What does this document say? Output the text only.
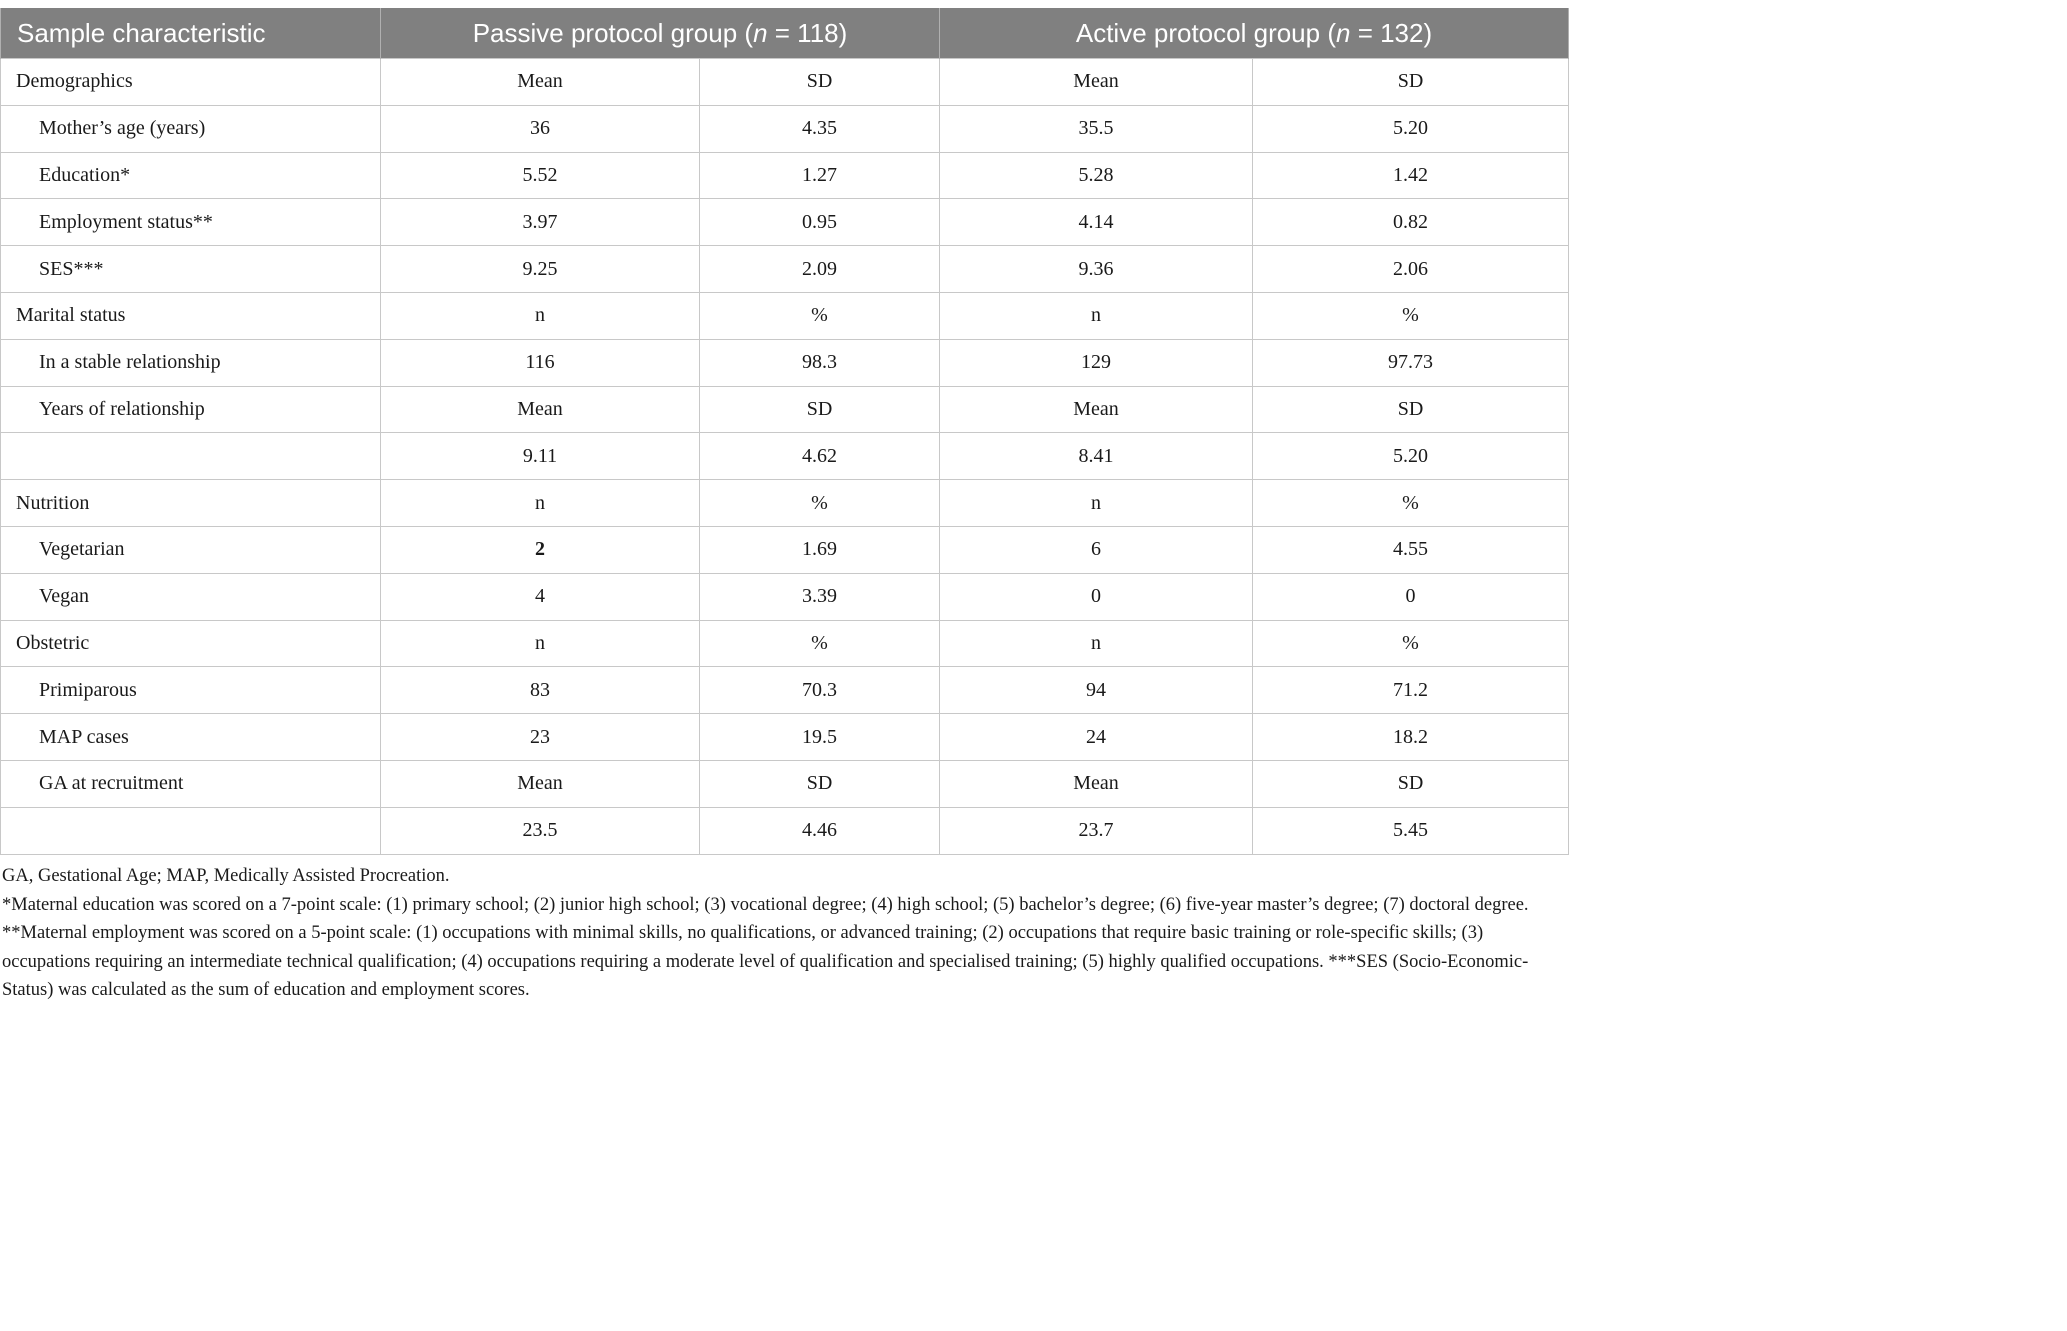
Sample characteristic	Passive protocol group (n = 118)		Active protocol group (n = 132)	
Demographics	Mean	SD	Mean	SD
Mother’s age (years)	36	4.35	35.5	5.20
Education*	5.52	1.27	5.28	1.42
Employment status**	3.97	0.95	4.14	0.82
SES***	9.25	2.09	9.36	2.06
Marital status	n	%	n	%
In a stable relationship	116	98.3	129	97.73
Years of relationship	Mean	SD	Mean	SD
	9.11	4.62	8.41	5.20
Nutrition	n	%	n	%
Vegetarian	2	1.69	6	4.55
Vegan	4	3.39	0	0
Obstetric	n	%	n	%
Primiparous	83	70.3	94	71.2
MAP cases	23	19.5	24	18.2
GA at recruitment	Mean	SD	Mean	SD
	23.5	4.46	23.7	5.45

GA, Gestational Age; MAP, Medically Assisted Procreation.

*Maternal education was scored on a 7-point scale: (1) primary school; (2) junior high school; (3) vocational degree; (4) high school; (5) bachelor’s degree; (6) five-year master’s degree; (7) doctoral degree. **Maternal employment was scored on a 5-point scale: (1) occupations with minimal skills, no qualifications, or advanced training; (2) occupations that require basic training or role-specific skills; (3) occupations requiring an intermediate technical qualification; (4) occupations requiring a moderate level of qualification and specialised training; (5) highly qualified occupations. ***SES (Socio-Economic-Status) was calculated as the sum of education and employment scores.
